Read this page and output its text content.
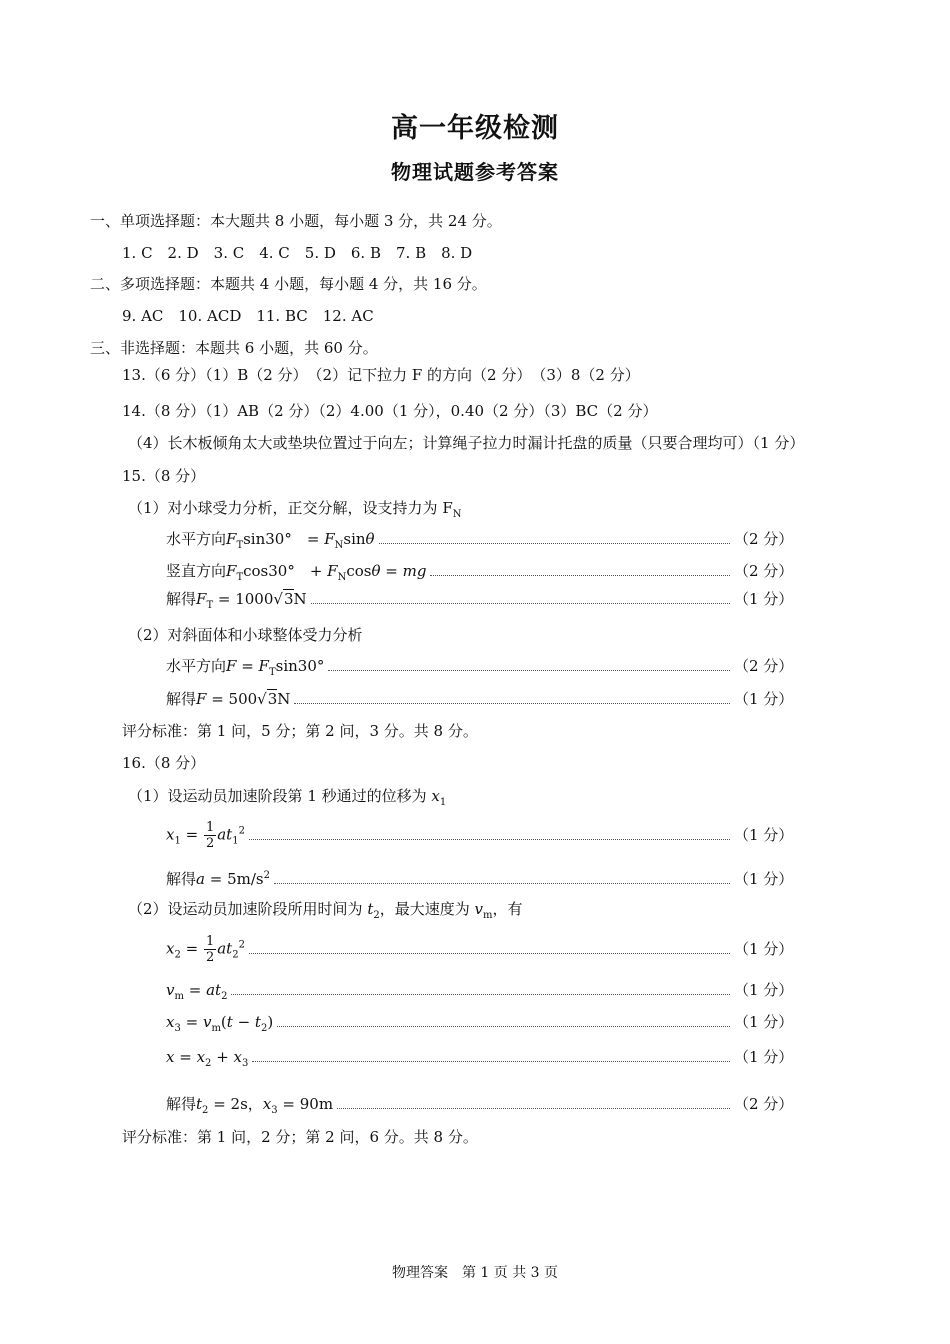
高一年级检测
物理试题参考答案
一、单项选择题：本大题共 8 小题，每小题 3 分，共 24 分。
1. C　2. D　3. C　4. C　5. D　6. B　7. B　8. D
二、多项选择题：本题共 4 小题，每小题 4 分，共 16 分。
9. AC　10. ACD　11. BC　12. AC
三、非选择题：本题共 6 小题，共 60 分。
13.（6 分）（1）B（2 分）　（2）记下拉力 F 的方向（2 分）　（3）8（2 分）
14.（8 分）（1）AB（2 分）（2）4.00（1 分），0.40（2 分）（3）BC（2 分）
（4）长木板倾角太大或垫块位置过于向左；计算绳子拉力时漏计托盘的质量（只要合理均可）（1 分）
15.（8 分）
（1）对小球受力分析，正交分解，设支持力为 $F_N$
水平方向 $F_T\sin 30^\circ$　= $F_N\sin\theta$	（2 分）
竖直方向 $F_T\cos 30^\circ$　+ $F_N\cos\theta$ = mg	（2 分）
解得 $F_T = 1000√3N$	（1 分）
（2）对斜面体和小球整体受力分析
水平方向 $F = F_T\sin 30^\circ$	（2 分）
解得 F = 500√3N	（1 分）
评分标准：第 1 问，5 分；第 2 问，3 分。共 8 分。
16.（8 分）
（1）设运动员加速阶段第 1 秒通过的位移为 $x_1$
$x_1 = \frac{1}{2} at_1^2$	（1 分）
解得 $a = 5m/s^2$	（1 分）
（2）设运动员加速阶段所用时间为 $t_2$，最大速度为 $v_m$，有
$x_2 = \frac{1}{2} at_2^2$	（1 分）
$v_m = at_2$	（1 分）
$x_3 = v_m(t - t_2)$	（1 分）
$x = x_2 + x_3$	（1 分）
解得 $t_2 = 2s$，$x_3 = 90m$	（2 分）
评分标准：第 1 问，2 分；第 2 问，6 分。共 8 分。
物理答案　第 1 页 共 3 页
